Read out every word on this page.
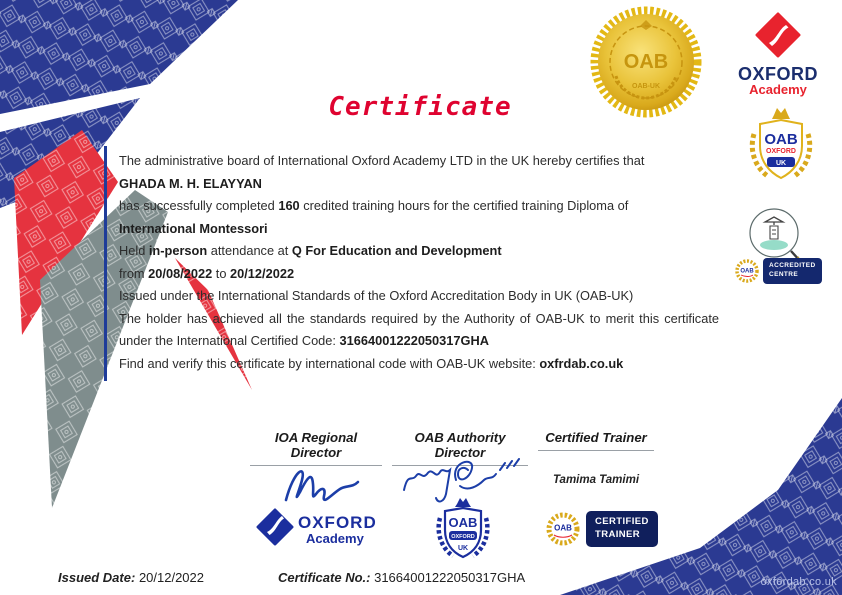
OAB
OAB-UK
OXFORD
Academy
OAB
OXFORD
UK
OAB
ACCREDITED
CENTRE
Certificate

The administrative board of International Oxford Academy LTD in the UK hereby certifies that

GHADA M. H. ELAYYAN

has successfully completed 160 credited training hours for the certified training Diploma of

International Montessori

Held in-person attendance at Q For Education and Development

from 20/08/2022 to 20/12/2022

Issued under the International Standards of the Oxford Accreditation Body in UK (OAB-UK)

The holder has achieved all the standards required by the Authority of OAB-UK to merit this certificate under the International Certified Code: 31664001222050317GHA

Find and verify this certificate by international code with OAB-UK website: oxfrdab.co.uk

IOA Regional Director
OAB Authority Director
Certified Trainer
Tamima Tamimi
OXFORD
Academy
OAB
OXFORD
UK
OAB
CERTIFIED
TRAINER
Issued Date: 20/12/2022	Certificate No.: 31664001222050317GHA	oxfordab.co.uk
